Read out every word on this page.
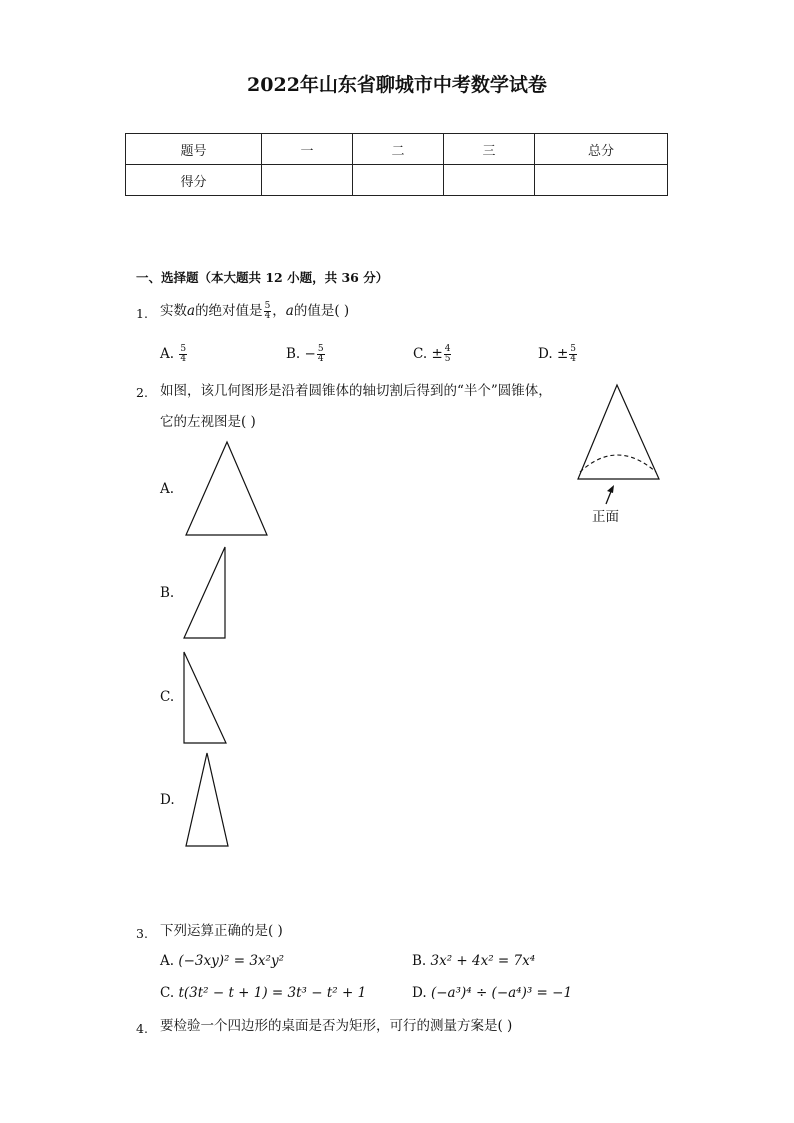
2022年山东省聊城市中考数学试卷
题号	一	二	三	总分
得分				
一、选择题（本大题共 12 小题，共 36 分）
1. 实数a的绝对值是 $\frac{5}{4}$ ，a的值是( )
A. $\frac{5}{4}$	B. − $\frac{5}{4}$	C. ± $\frac{4}{5}$	D. ± $\frac{5}{4}$
2. 如图，该几何图形是沿着圆锥体的轴切割后得到的“半个”圆锥体，
它的左视图是( )
正面
A.
B.
C.
D.
3. 下列运算正确的是( )
A. (−3xy)² = 3x²y²	B. 3x² + 4x² = 7x⁴
C. t(3t² − t + 1) = 3t³ − t² + 1	D. (−a³)⁴ ÷ (−a⁴)³ = −1
4. 要检验一个四边形的桌面是否为矩形，可行的测量方案是( )
